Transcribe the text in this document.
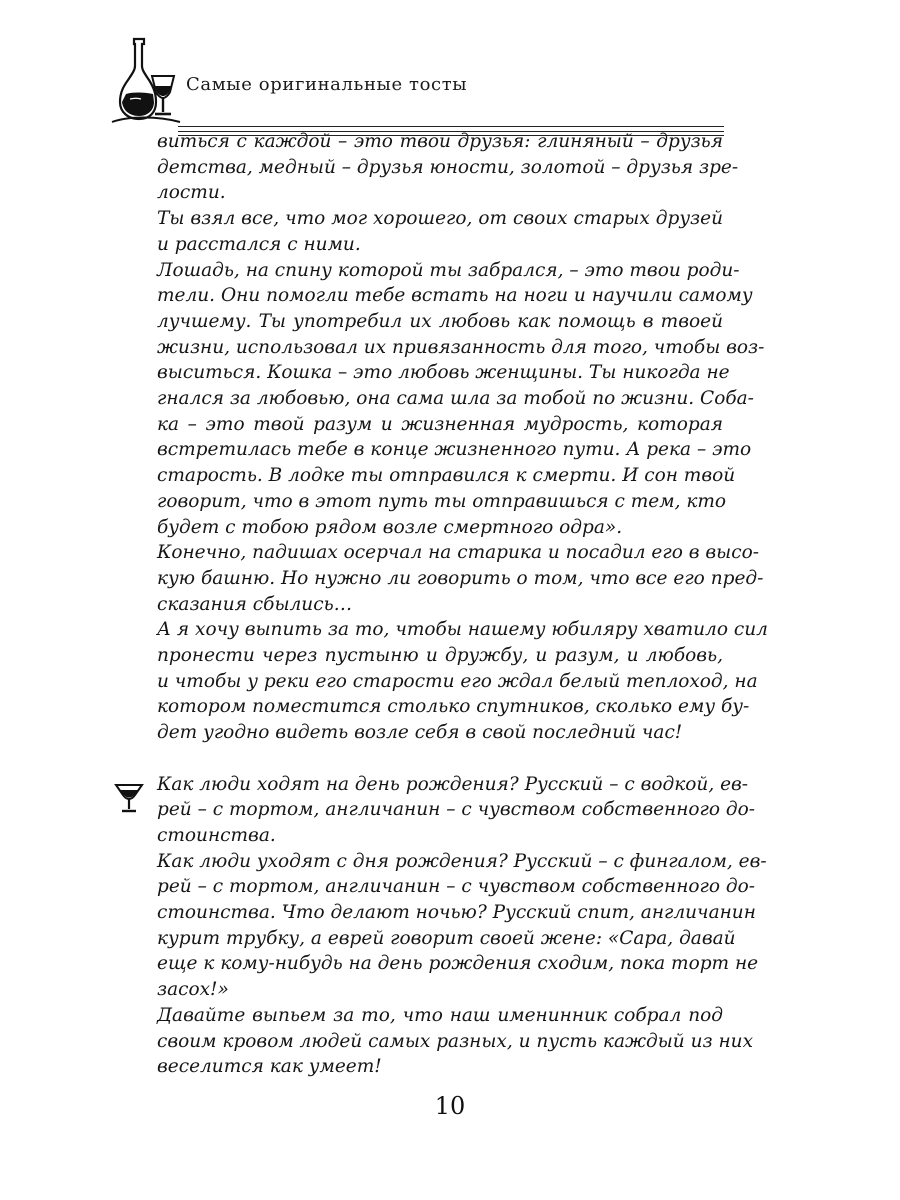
Самые оригинальные тосты
виться с каждой – это твои друзья: глиняный – друзья
детства, медный – друзья юности, золотой – друзья зре-
лости.
Ты взял все, что мог хорошего, от своих старых друзей
и расстался с ними.
Лошадь, на спину которой ты забрался, – это твои роди-
тели. Они помогли тебе встать на ноги и научили самому
лучшему. Ты употребил их любовь как помощь в твоей
жизни, использовал их привязанность для того, чтобы воз-
выситься. Кошка – это любовь женщины. Ты никогда не
гнался за любовью, она сама шла за тобой по жизни. Соба-
ка – это твой разум и жизненная мудрость, которая
встретилась тебе в конце жизненного пути. А река – это
старость. В лодке ты отправился к смерти. И сон твой
говорит, что в этот путь ты отправишься с тем, кто
будет с тобою рядом возле смертного одра».
Конечно, падишах осерчал на старика и посадил его в высо-
кую башню. Но нужно ли говорить о том, что все его пред-
сказания сбылись…
А я хочу выпить за то, чтобы нашему юбиляру хватило сил
пронести через пустыню и дружбу, и разум, и любовь,
и чтобы у реки его старости его ждал белый теплоход, на
котором поместится столько спутников, сколько ему бу-
дет угодно видеть возле себя в свой последний час!
Как люди ходят на день рождения? Русский – с водкой, ев-
рей – с тортом, англичанин – с чувством собственного до-
стоинства.
Как люди уходят с дня рождения? Русский – с фингалом, ев-
рей – с тортом, англичанин – с чувством собственного до-
стоинства. Что делают ночью? Русский спит, англичанин
курит трубку, а еврей говорит своей жене: «Сара, давай
еще к кому-нибудь на день рождения сходим, пока торт не
засох!»
Давайте выпьем за то, что наш именинник собрал под
своим кровом людей самых разных, и пусть каждый из них
веселится как умеет!
10
